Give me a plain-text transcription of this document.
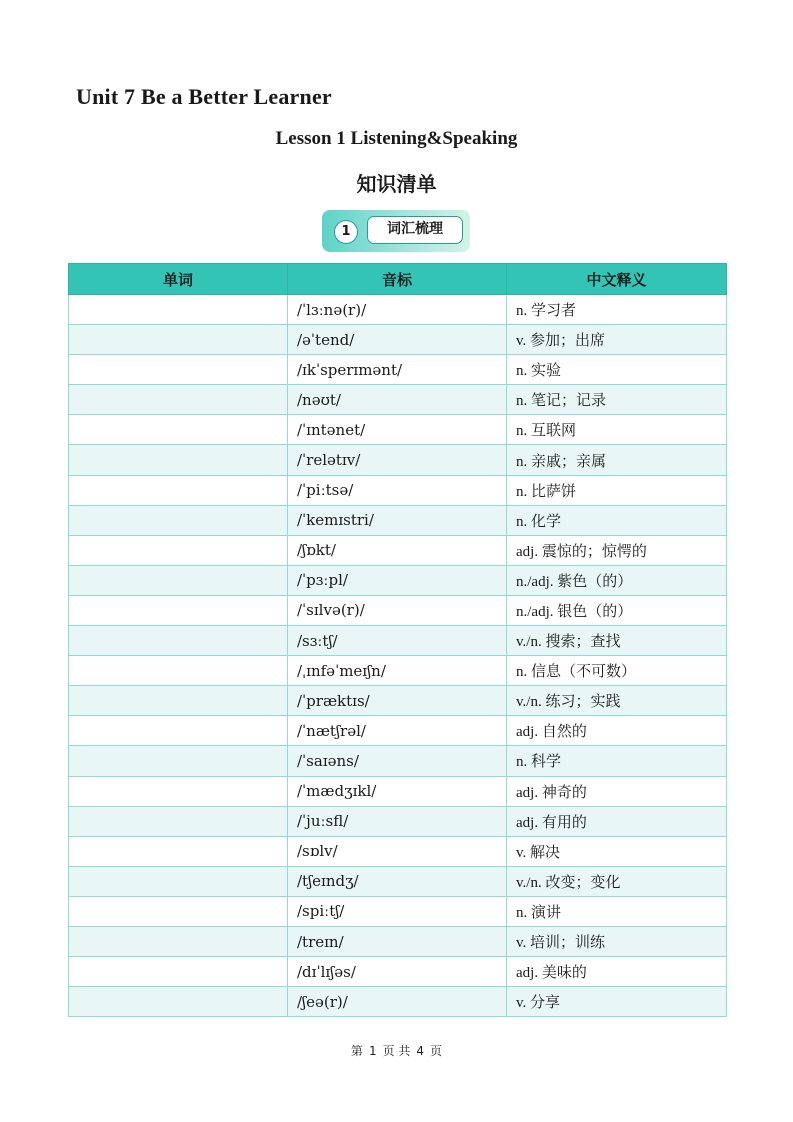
Unit 7 Be a Better Learner
Lesson 1 Listening&Speaking
知识清单
1	词汇梳理
单词	音标	中文释义
	/ˈlɜːnə(r)/	n. 学习者
	/əˈtend/	v. 参加；出席
	/ɪkˈsperɪmənt/	n. 实验
	/nəʊt/	n. 笔记；记录
	/ˈɪntənet/	n. 互联网
	/ˈrelətɪv/	n. 亲戚；亲属
	/ˈpiːtsə/	n. 比萨饼
	/ˈkemɪstri/	n. 化学
	/ʃɒkt/	adj. 震惊的；惊愕的
	/ˈpɜːpl/	n./adj. 紫色（的）
	/ˈsɪlvə(r)/	n./adj. 银色（的）
	/sɜːtʃ/	v./n. 搜索；查找
	/ˌɪnfəˈmeɪʃn/	n. 信息（不可数）
	/ˈpræktɪs/	v./n. 练习；实践
	/ˈnætʃrəl/	adj. 自然的
	/ˈsaɪəns/	n. 科学
	/ˈmædʒɪkl/	adj. 神奇的
	/ˈjuːsfl/	adj. 有用的
	/sɒlv/	v. 解决
	/tʃeɪndʒ/	v./n. 改变；变化
	/spiːtʃ/	n. 演讲
	/treɪn/	v. 培训；训练
	/dɪˈlɪʃəs/	adj. 美味的
	/ʃeə(r)/	v. 分享
第 1 页 共 4 页
